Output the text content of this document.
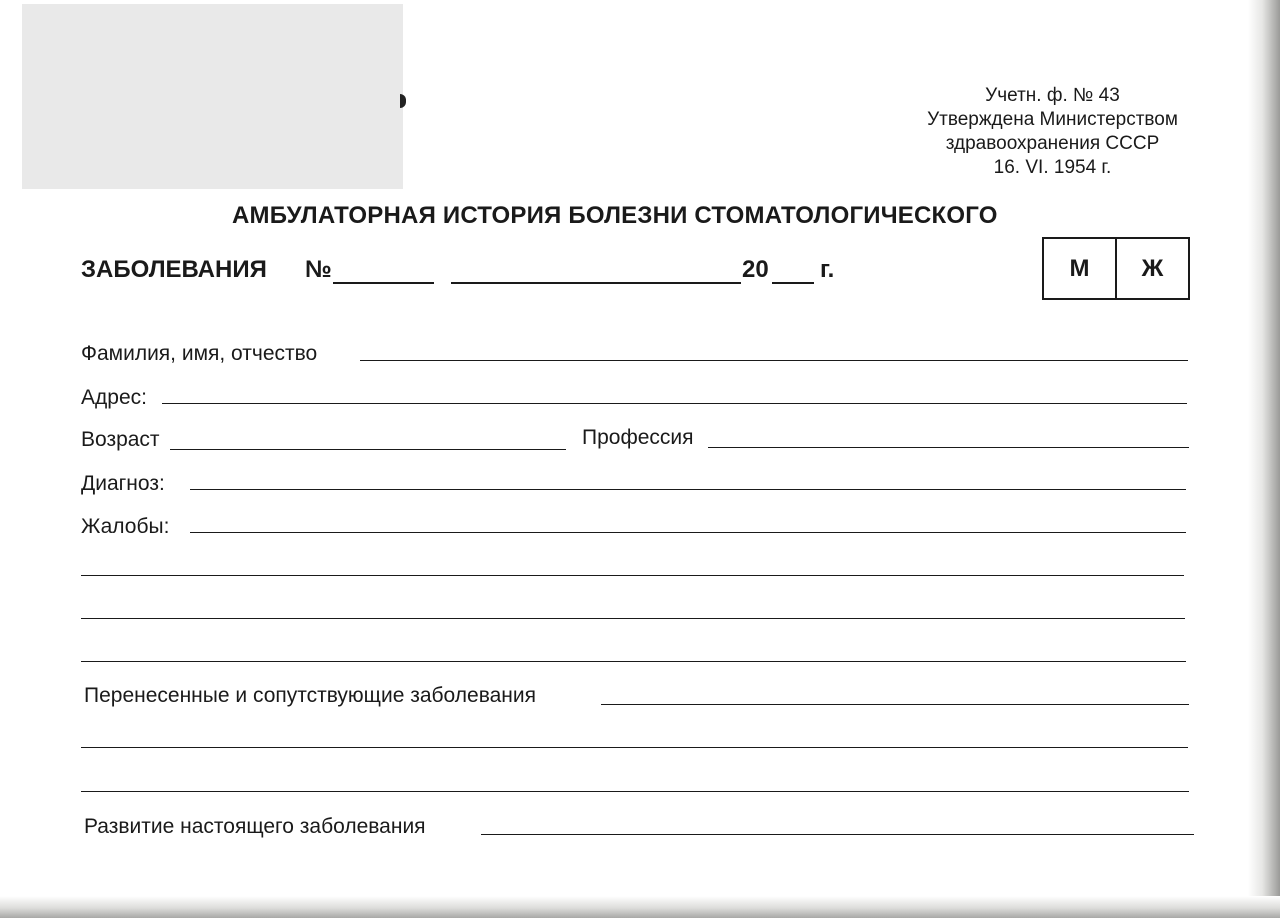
Учетн. ф. № 43
Утверждена Министерством
здравоохранения СССР
16. VI. 1954 г.
АМБУЛАТОРНАЯ ИСТОРИЯ БОЛЕЗНИ СТОМАТОЛОГИЧЕСКОГО
ЗАБОЛЕВАНИЯ №	20 г.	М	Ж
Фамилия, имя, отчество
Адрес:
Возраст	Профессия
Диагноз:
Жалобы:
Перенесенные и сопутствующие заболевания
Развитие настоящего заболевания
